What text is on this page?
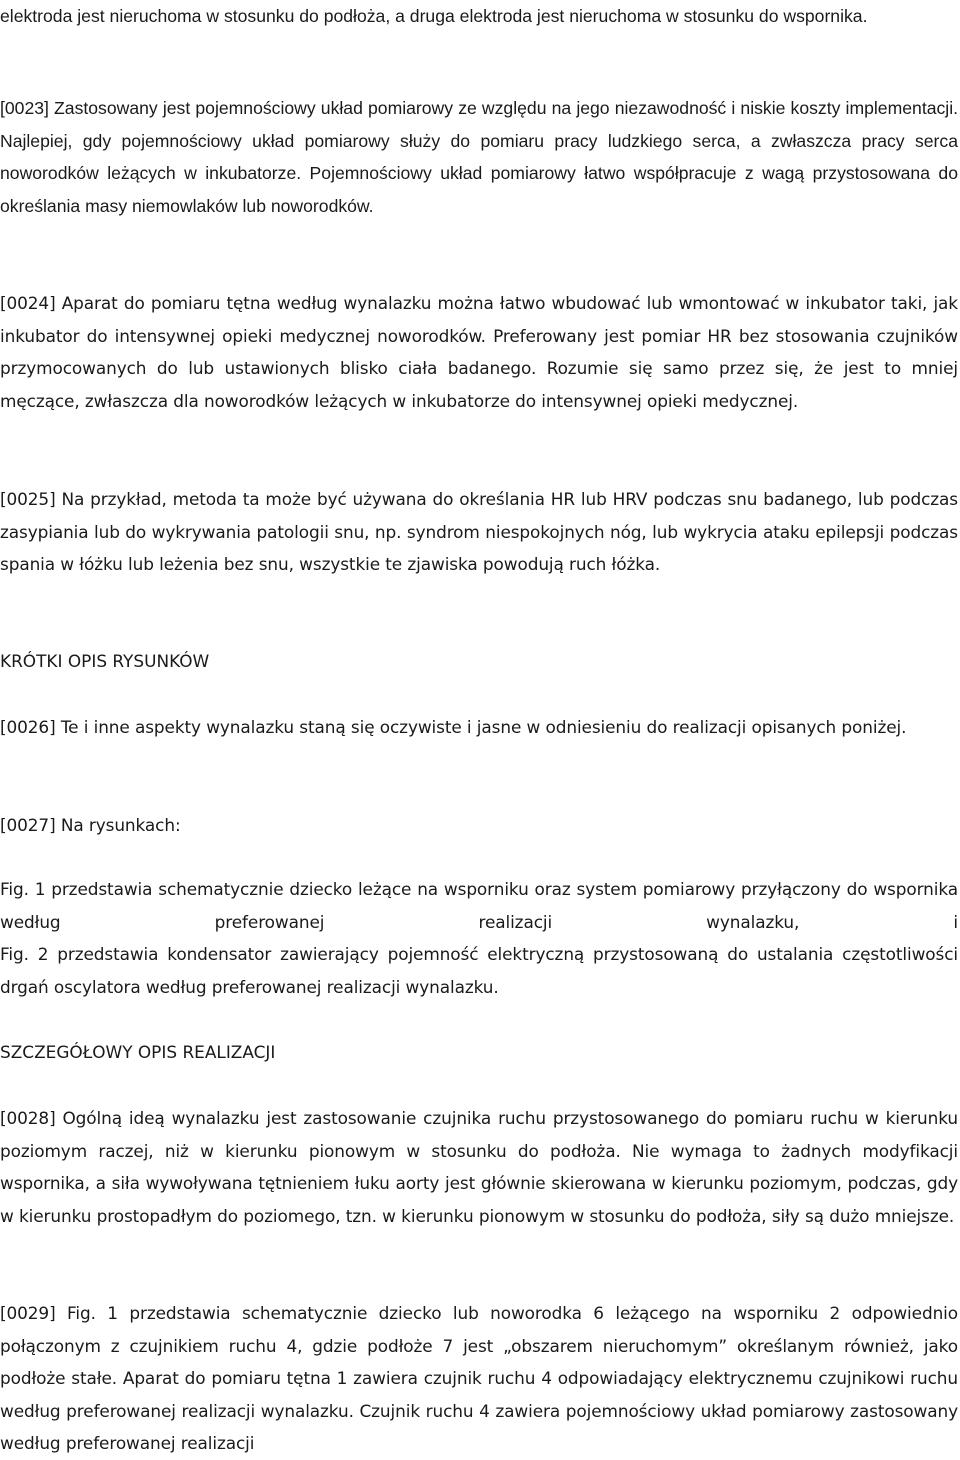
elektroda jest nieruchoma w stosunku do podłoża, a druga elektroda jest nieruchoma w stosunku do wspornika.

[0023] Zastosowany jest pojemnościowy układ pomiarowy ze względu na jego niezawodność i niskie koszty implementacji. Najlepiej, gdy pojemnościowy układ pomiarowy służy do pomiaru pracy ludzkiego serca, a zwłaszcza pracy serca noworodków leżących w inkubatorze. Pojemnościowy układ pomiarowy łatwo współpracuje z wagą przystosowana do określania masy niemowlaków lub noworodków.

[0024] Aparat do pomiaru tętna według wynalazku można łatwo wbudować lub wmontować w inkubator taki, jak inkubator do intensywnej opieki medycznej noworodków. Preferowany jest pomiar HR bez stosowania czujników przymocowanych do lub ustawionych blisko ciała badanego. Rozumie się samo przez się, że jest to mniej męczące, zwłaszcza dla noworodków leżących w inkubatorze do intensywnej opieki medycznej.

[0025] Na przykład, metoda ta może być używana do określania HR lub HRV podczas snu badanego, lub podczas zasypiania lub do wykrywania patologii snu, np. syndrom niespokojnych nóg, lub wykrycia ataku epilepsji podczas spania w łóżku lub leżenia bez snu, wszystkie te zjawiska powodują ruch łóżka.

KRÓTKI OPIS RYSUNKÓW

[0026] Te i inne aspekty wynalazku staną się oczywiste i jasne w odniesieniu do realizacji opisanych poniżej.

[0027] Na rysunkach:

Fig. 1 przedstawia schematycznie dziecko leżące na wsporniku oraz system pomiarowy przyłączony do wspornika według preferowanej realizacji wynalazku, i

Fig. 2 przedstawia kondensator zawierający pojemność elektryczną przystosowaną do ustalania częstotliwości drgań oscylatora według preferowanej realizacji wynalazku.

SZCZEGÓŁOWY OPIS REALIZACJI

[0028] Ogólną ideą wynalazku jest zastosowanie czujnika ruchu przystosowanego do pomiaru ruchu w kierunku poziomym raczej, niż w kierunku pionowym w stosunku do podłoża. Nie wymaga to żadnych modyfikacji wspornika, a siła wywoływana tętnieniem łuku aorty jest głównie skierowana w kierunku poziomym, podczas, gdy w kierunku prostopadłym do poziomego, tzn. w kierunku pionowym w stosunku do podłoża, siły są dużo mniejsze.

[0029] Fig. 1 przedstawia schematycznie dziecko lub noworodka 6 leżącego na wsporniku 2 odpowiednio połączonym z czujnikiem ruchu 4, gdzie podłoże 7 jest „obszarem nieruchomym” określanym również, jako podłoże stałe. Aparat do pomiaru tętna 1 zawiera czujnik ruchu 4 odpowiadający elektrycznemu czujnikowi ruchu według preferowanej realizacji wynalazku. Czujnik ruchu 4 zawiera pojemnościowy układ pomiarowy zastosowany według preferowanej realizacji
